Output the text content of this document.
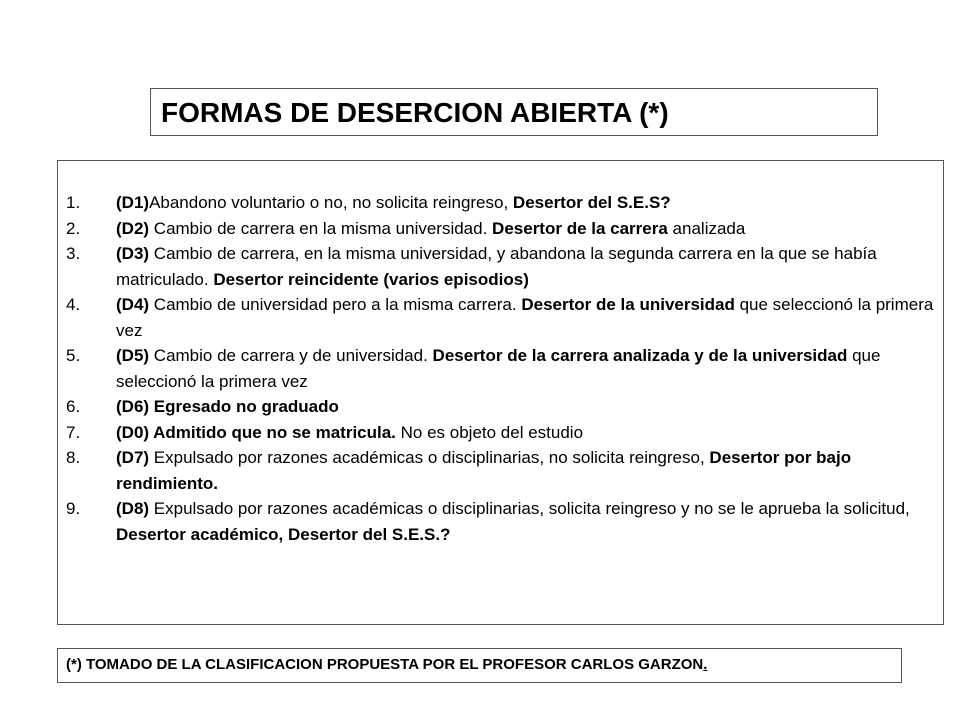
FORMAS DE DESERCION ABIERTA (*)
1.	(D1)Abandono voluntario o no, no solicita reingreso, Desertor del S.E.S?
2.	(D2) Cambio de carrera en la misma universidad. Desertor de la carrera analizada
3.	(D3) Cambio de carrera, en la misma universidad, y abandona la segunda carrera en la que se había matriculado. Desertor reincidente (varios episodios)
4.	(D4) Cambio de universidad pero a la misma carrera. Desertor de la universidad que seleccionó la primera vez
5.	(D5) Cambio de carrera y de universidad. Desertor de la carrera analizada y de la universidad que seleccionó la primera vez
6.	(D6) Egresado no graduado
7.	(D0) Admitido que no se matricula. No es objeto del estudio
8.	(D7) Expulsado por razones académicas o disciplinarias, no solicita reingreso, Desertor por bajo rendimiento.
9.	(D8) Expulsado por razones académicas o disciplinarias, solicita reingreso y no se le aprueba la solicitud, Desertor académico, Desertor del S.E.S.?
(*) TOMADO DE LA CLASIFICACION PROPUESTA POR EL PROFESOR CARLOS GARZON.
